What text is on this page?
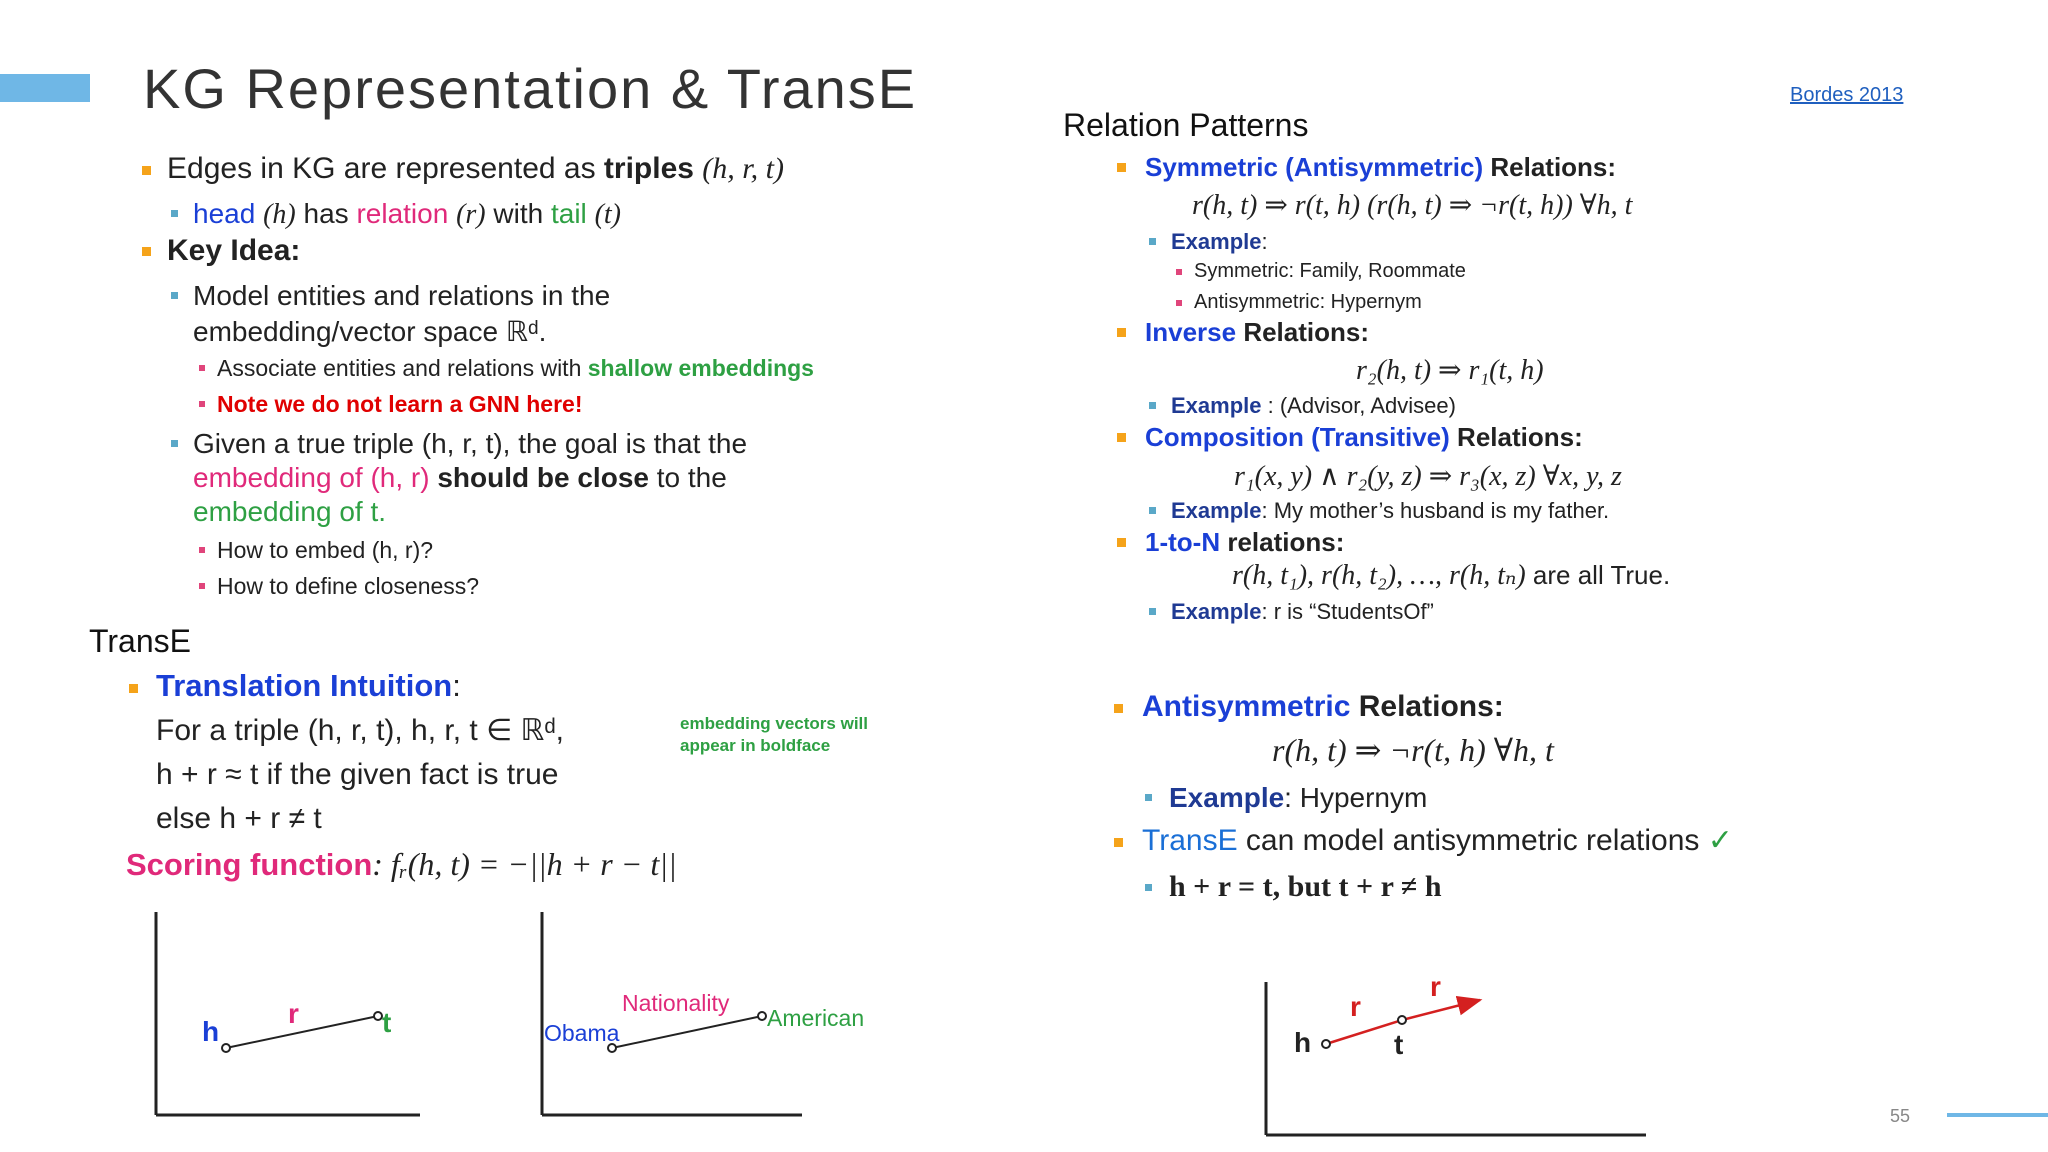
KG Representation & TransE	Bordes 2013
Edges in KG are represented as triples (h, r, t)
head (h) has relation (r) with tail (t)
Key Idea:
Model entities and relations in the
embedding/vector space ℝᵈ.
Associate entities and relations with shallow embeddings
Note we do not learn a GNN here!
Given a true triple (h, r, t), the goal is that the
embedding of (h, r) should be close to the
embedding of t.
How to embed (h, r)?
How to define closeness?
TransE
Translation Intuition:
For a triple (h, r, t), h, r, t ∈ ℝᵈ,
h + r ≈ t if the given fact is true
else h + r ≠ t
embedding vectors will
appear in boldface
Scoring function: fᵣ(h, t) = −||h + r − t||
h
r	t	Obama
Nationality
American
Relation Patterns
Symmetric (Antisymmetric) Relations:
r(h, t) ⇒ r(t, h) (r(h, t) ⇒ ¬r(t, h)) ∀h, t
Example:
Symmetric: Family, Roommate
Antisymmetric: Hypernym
Inverse Relations:
r₂(h, t) ⇒ r₁(t, h)
Example : (Advisor, Advisee)
Composition (Transitive) Relations:
r₁(x, y) ∧ r₂(y, z) ⇒ r₃(x, z) ∀x, y, z
Example: My mother’s husband is my father.
1-to-N relations:
r(h, t₁), r(h, t₂), …, r(h, tₙ) are all True.
Example: r is “StudentsOf”
Antisymmetric Relations:
r(h, t) ⇒ ¬r(t, h) ∀h, t
Example: Hypernym
TransE can model antisymmetric relations ✓
h + r = t, but t + r ≠ h
h
r
t
r
55
